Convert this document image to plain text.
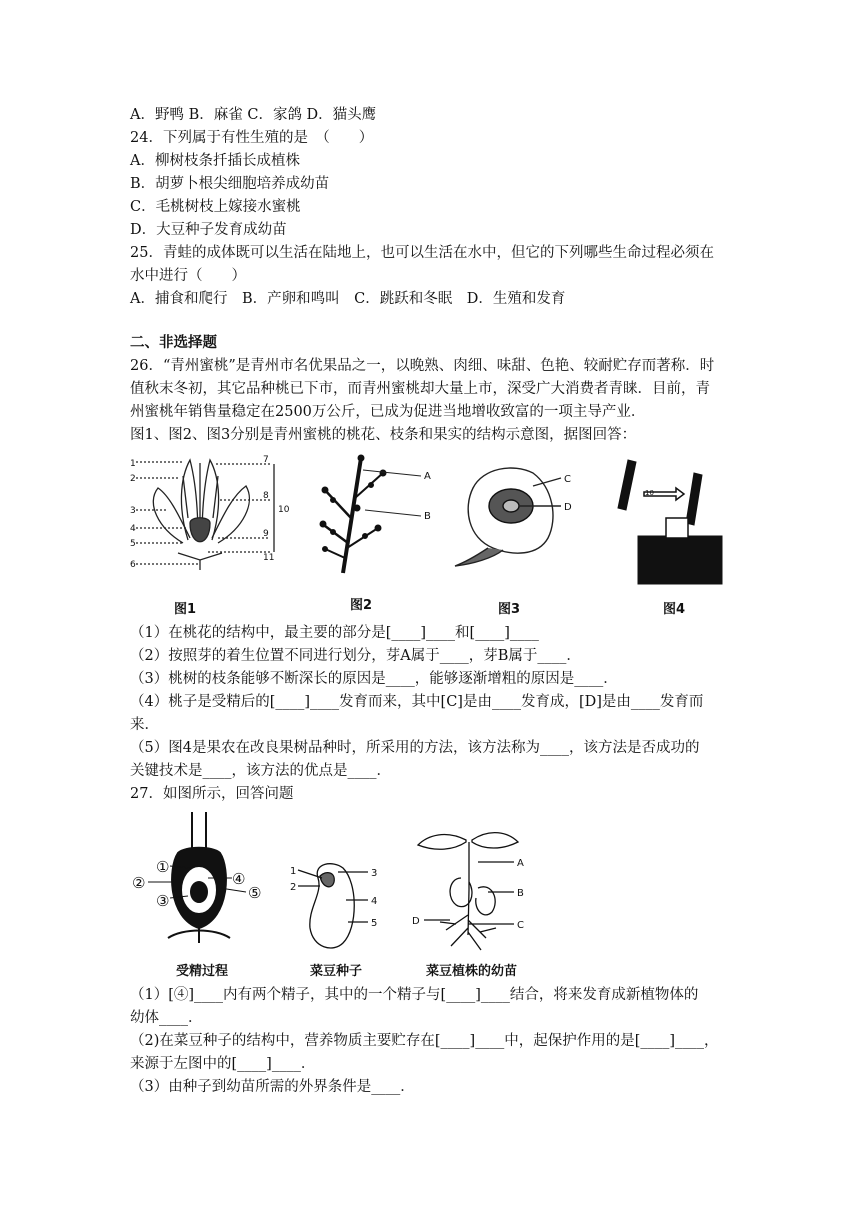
A．野鸭 B．麻雀 C．家鸽 D．猫头鹰
24．下列属于有性生殖的是　（　　）
A．柳树枝条扦插长成植株
B．胡萝卜根尖细胞培养成幼苗
C．毛桃树枝上嫁接水蜜桃
D．大豆种子发育成幼苗
25．青蛙的成体既可以生活在陆地上，也可以生活在水中，但它的下列哪些生命过程必须在
水中进行（　　）
A．捕食和爬行　B．产卵和鸣叫　C．跳跃和冬眠　D．生殖和发育
二、非选择题
26．“青州蜜桃”是青州市名优果品之一，以晚熟、肉细、味甜、色艳、较耐贮存而著称．时
值秋末冬初，其它品种桃已下市，而青州蜜桃却大量上市，深受广大消费者青睐．目前，青
州蜜桃年销售量稳定在2500万公斤，已成为促进当地增收致富的一项主导产业．
图1、图2、图3分别是青州蜜桃的桃花、枝条和果实的结构示意图，据图回答：
1
2
3
4
5
6
7
8
9
10
11
图1
A
B
图2
C
D
图3
10
图4
（1）在桃花的结构中，最主要的部分是[____]____和[____]____
（2）按照芽的着生位置不同进行划分，芽A属于____，芽B属于____．
（3）桃树的枝条能够不断深长的原因是____，能够逐渐增粗的原因是____．
（4）桃子是受精后的[____]____发育而来，其中[C]是由____发育成，[D]是由____发育而
来．
（5）图4是果农在改良果树品种时，所采用的方法，该方法称为____，该方法是否成功的
关键技术是____，该方法的优点是____．
27．如图所示，回答问题
①
②
③
④
⑤
受精过程
1
2
3
4
5
菜豆种子
A
B
C
D
菜豆植株的幼苗
（1）[④]____内有两个精子，其中的一个精子与[____]____结合，将来发育成新植物体的
幼体____．
（2)在菜豆种子的结构中，营养物质主要贮存在[____]____中，起保护作用的是[____]____，
来源于左图中的[____]____．
（3）由种子到幼苗所需的外界条件是____．
